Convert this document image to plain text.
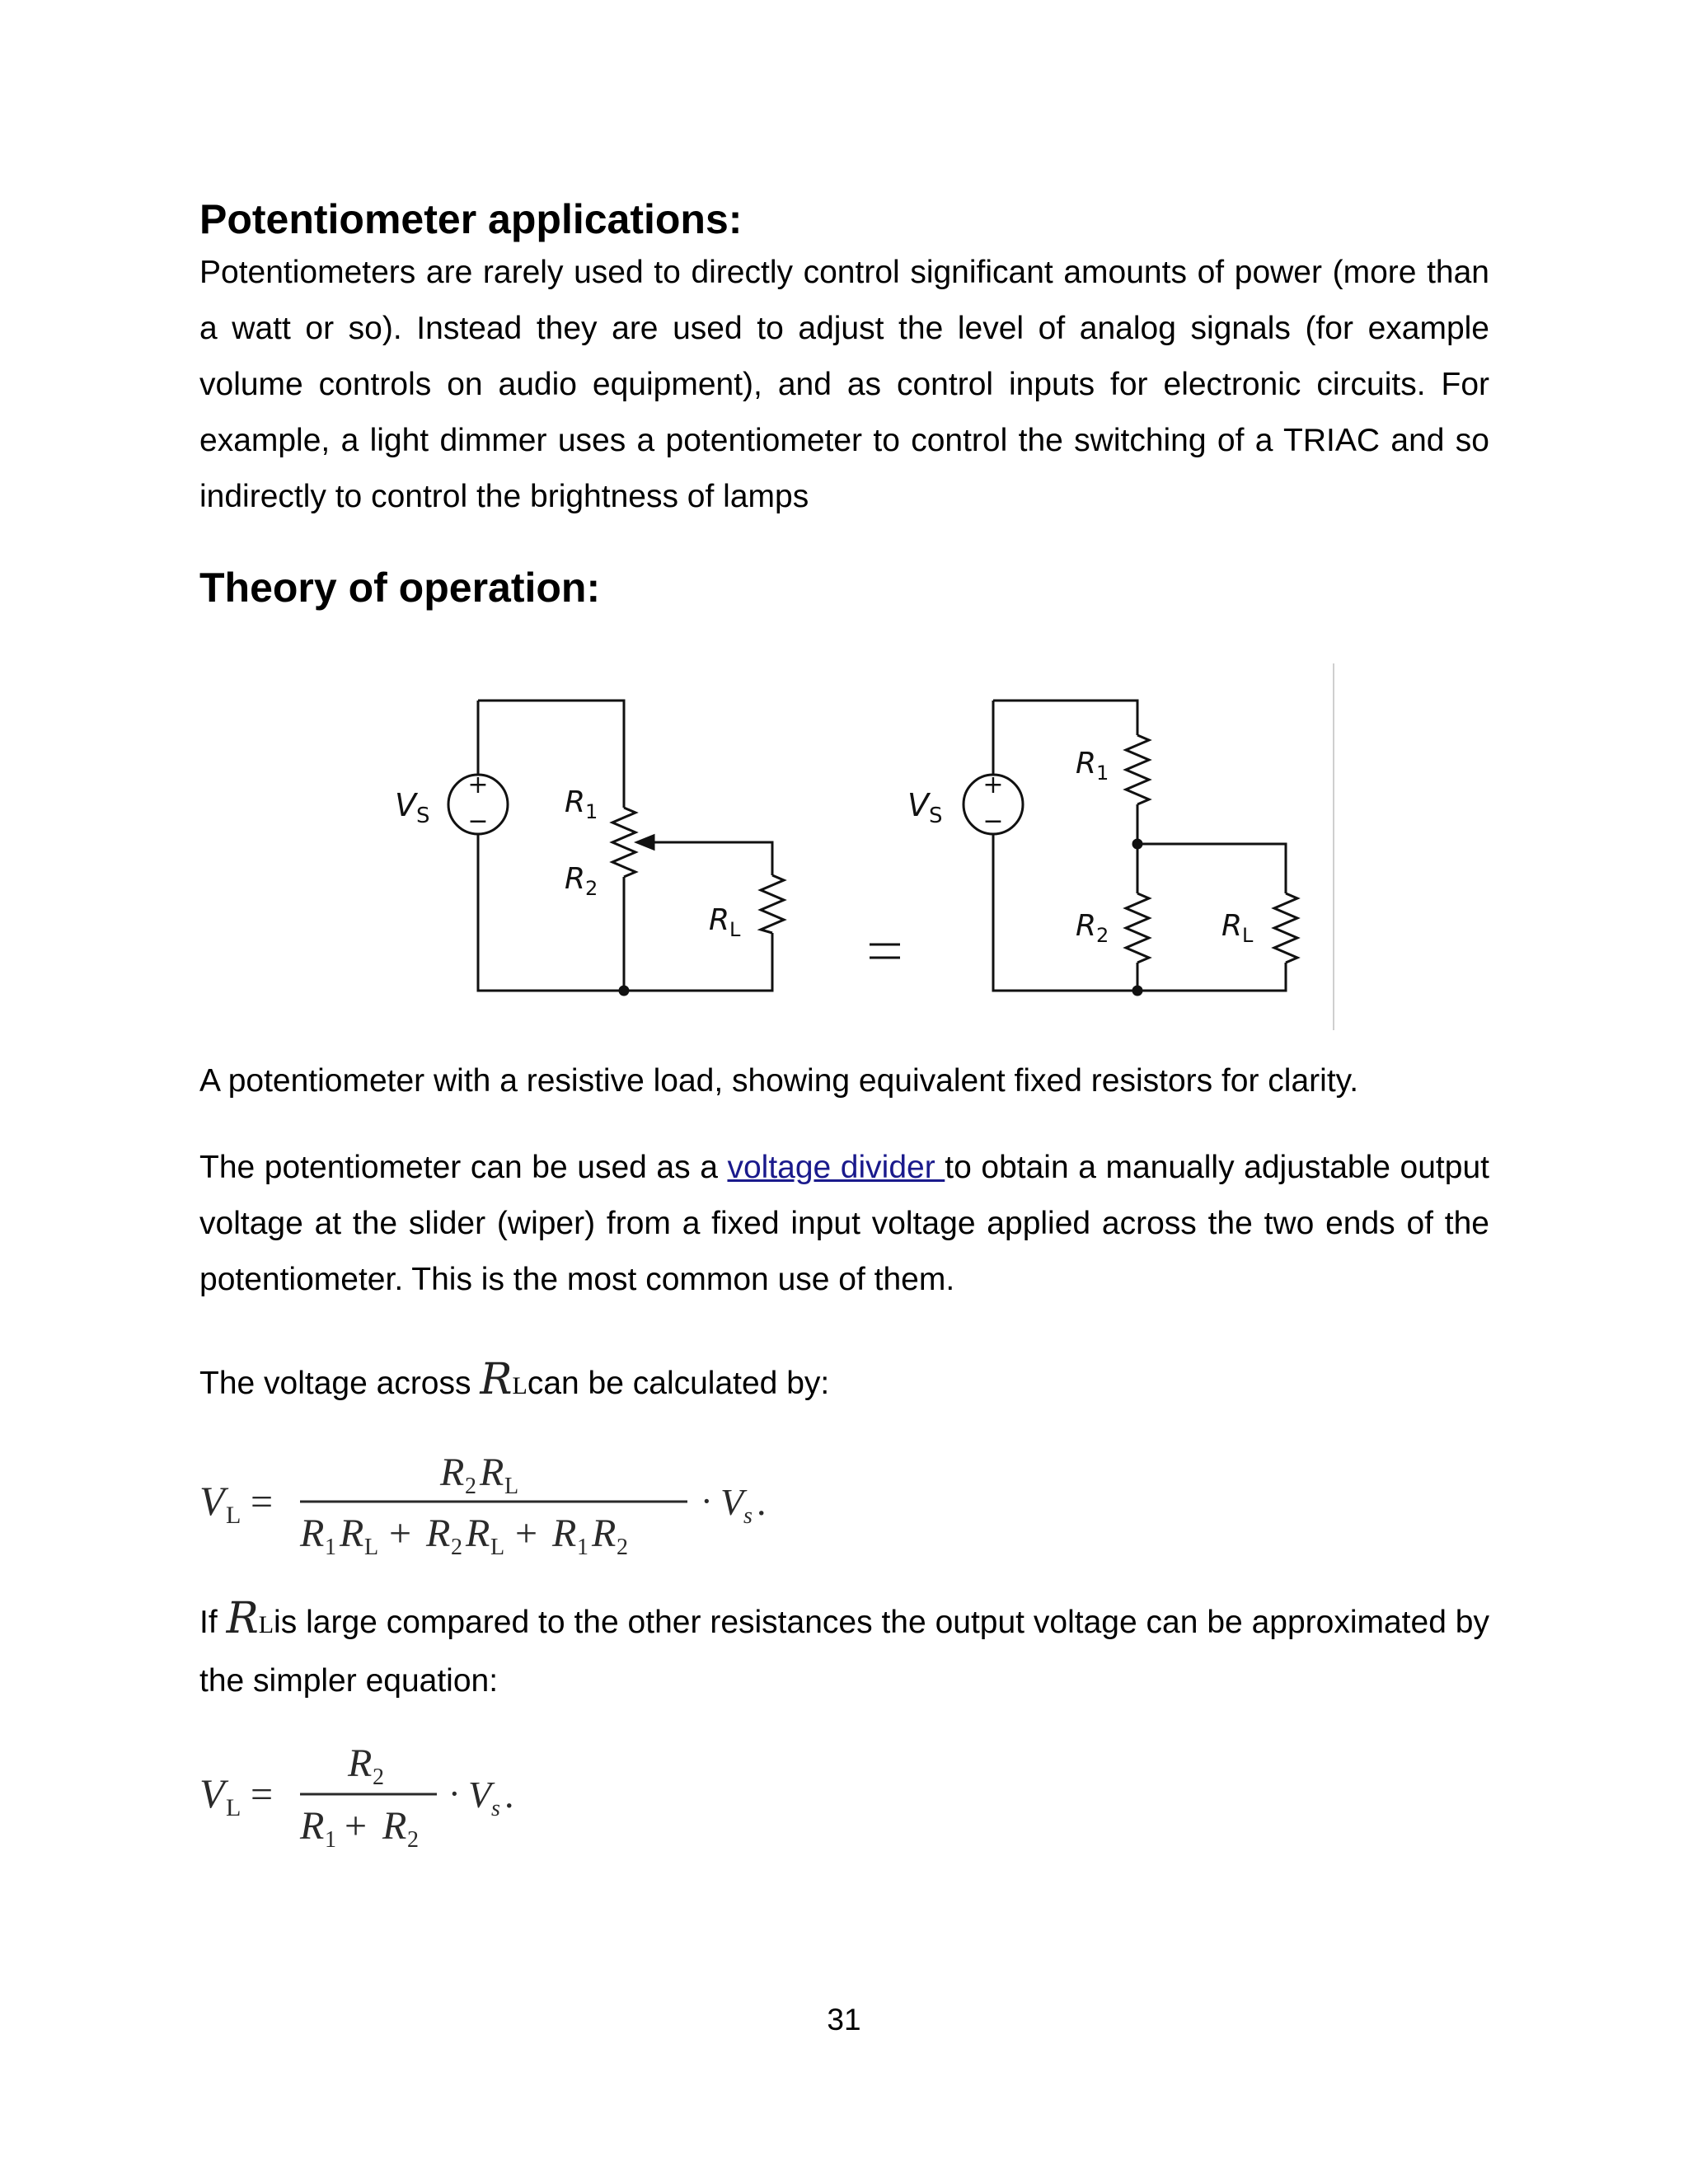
Potentiometer applications:

Potentiometers are rarely used to directly control significant amounts of power (more than a watt or so). Instead they are used to adjust the level of analog signals (for example volume controls on audio equipment), and as control inputs for electronic circuits. For example, a light dimmer uses a potentiometer to control the switching of a TRIAC and so indirectly to control the brightness of lamps

Theory of operation:
+
−
$V_S$	$R_1$
$R_2$
$R_L$
+
−
$V_S$
$R_1$
$R_2$	$R_L$

A potentiometer with a resistive load, showing equivalent fixed resistors for clarity.

The potentiometer can be used as a voltage divider to obtain a manually adjustable output voltage at the slider (wiper) from a fixed input voltage applied across the two ends of the potentiometer. This is the most common use of them.

The voltage across RLcan be calculated by:

V L =
R 2 R L
R 1 R L + R 2 R L + R 1 R 2
· V s .

If RLis large compared to the other resistances the output voltage can be approximated by the simpler equation:

V L =
R 2
R 1 + R 2
· V s .
31
